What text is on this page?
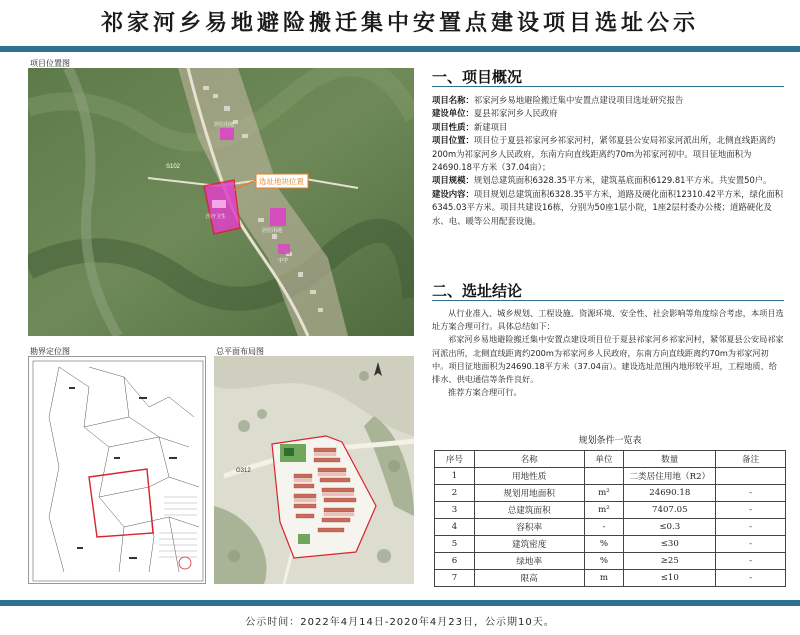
祁家河乡易地避险搬迁集中安置点建设项目选址公示
项目位置图
S102
居住用地
医疗卫生
居住用地
中学
选址地块位置
勘界定位图	总平面布局图
G312
一、项目概况

项目名称：祁家河乡易地避险搬迁集中安置点建设项目选址研究报告

建设单位：夏县祁家河乡人民政府

项目性质：新建项目

项目位置：项目位于夏县祁家河乡祁家河村，紧邻夏县公安局祁家河派出所，北侧直线距离约200m为祁家河乡人民政府，东南方向直线距离约70m为祁家河初中。项目征地面积为24690.18平方米（37.04亩）；

项目规模：规划总建筑面积6328.35平方米，建筑基底面积6129.81平方米。共安置50户。

建设内容：项目规划总建筑面积6328.35平方米，道路及硬化面积12310.42平方米，绿化面积6345.03平方米。项目共建设16栋，分别为50座1层小院，1座2层村委办公楼；道路硬化及水、电、暖等公用配套设施。

二、选址结论

从行业准入、城乡规划、工程设施、资源环境、安全性、社会影响等角度综合考虑，本项目选址方案合理可行。具体总结如下：

祁家河乡易地避险搬迁集中安置点建设项目位于夏县祁家河乡祁家河村，紧邻夏县公安局祁家河派出所，北侧直线距离约200m为祁家河乡人民政府，东南方向直线距离约70m为祁家河初中。项目征地面积为24690.18平方米（37.04亩）。建设选址范围内地形较平坦，工程地质、给排水、供电通信等条件良好。

推荐方案合理可行。

规划条件一览表
序号	名称	单位	数量	备注
1	用地性质		二类居住用地（R2）	
2	规划用地面积	m²	24690.18	-
3	总建筑面积	m²	7407.05	-
4	容积率	-	≤0.3	-
5	建筑密度	%	≤30	-
6	绿地率	%	≥25	-
7	限高	m	≤10	-
公示时间：2022年4月14日-2020年4月23日，公示期10天。
